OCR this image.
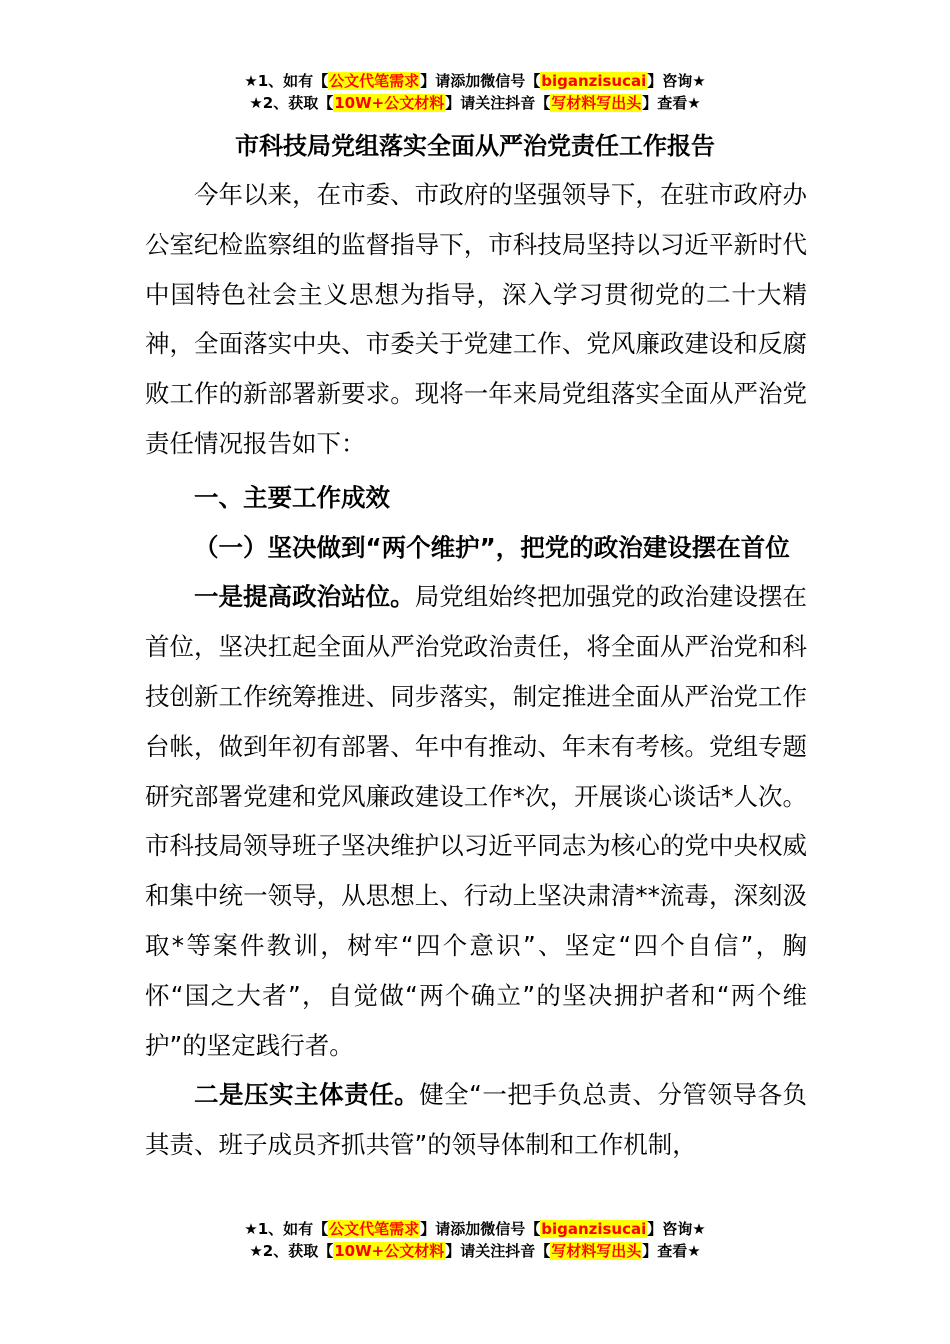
★1、如有【公文代笔需求】请添加微信号【biganzisucai】咨询★
★2、获取【10W+公文材料】请关注抖音【写材料写出头】查看★
市科技局党组落实全面从严治党责任工作报告

今年以来，在市委、市政府的坚强领导下，在驻市政府办公室纪检监察组的监督指导下，市科技局坚持以习近平新时代中国特色社会主义思想为指导，深入学习贯彻党的二十大精神，全面落实中央、市委关于党建工作、党风廉政建设和反腐败工作的新部署新要求。现将一年来局党组落实全面从严治党责任情况报告如下：

一、主要工作成效

（一）坚决做到“两个维护”，把党的政治建设摆在首位

一是提高政治站位。局党组始终把加强党的政治建设摆在首位，坚决扛起全面从严治党政治责任，将全面从严治党和科技创新工作统筹推进、同步落实，制定推进全面从严治党工作台帐，做到年初有部署、年中有推动、年末有考核。党组专题研究部署党建和党风廉政建设工作*次，开展谈心谈话*人次。市科技局领导班子坚决维护以习近平同志为核心的党中央权威和集中统一领导，从思想上、行动上坚决肃清**流毒，深刻汲取*等案件教训，树牢“四个意识”、坚定“四个自信”，胸怀“国之大者”，自觉做“两个确立”的坚决拥护者和“两个维护”的坚定践行者。

二是压实主体责任。健全“一把手负总责、分管领导各负其责、班子成员齐抓共管”的领导体制和工作机制，

★1、如有【公文代笔需求】请添加微信号【biganzisucai】咨询★
★2、获取【10W+公文材料】请关注抖音【写材料写出头】查看★
